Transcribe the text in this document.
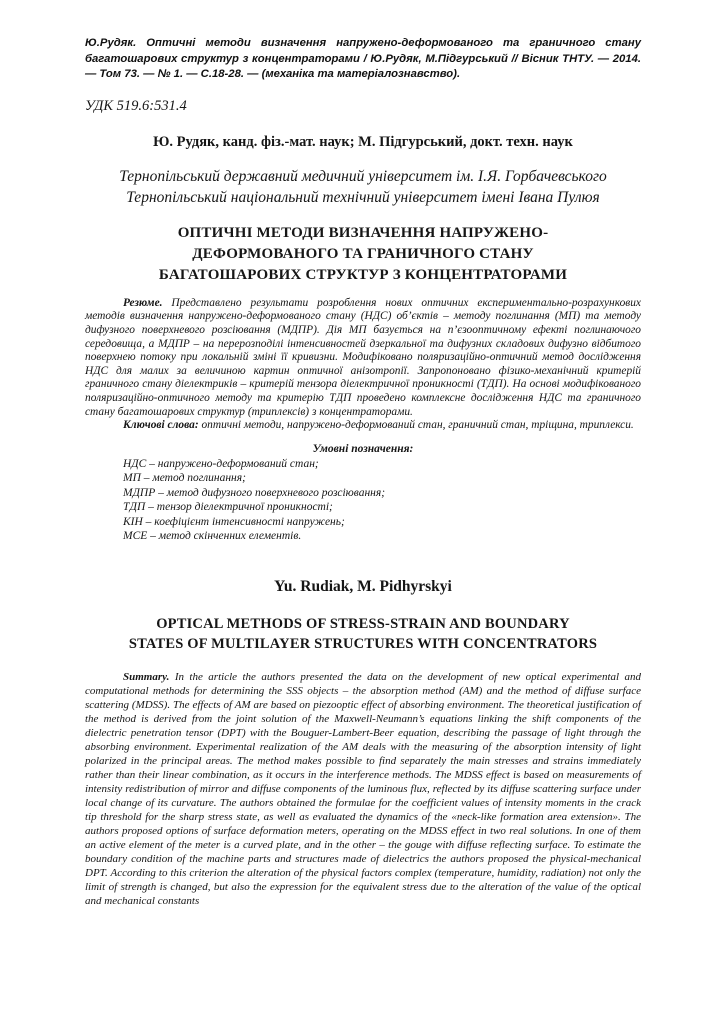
Ю.Рудяк. Оптичні методи визначення напружено-деформованого та граничного стану багатошарових структур з концентраторами / Ю.Рудяк, М.Підгурський // Вісник ТНТУ. — 2014. — Том 73. — № 1. — С.18-28. — (механіка та матеріалознавство).

УДК 519.6:531.4

Ю. Рудяк, канд. фіз.-мат. наук; М. Підгурський, докт. техн. наук

Тернопільський державний медичний університет ім. І.Я. Горбачевського
Тернопільський національний технічний університет імені Івана Пулюя
ОПТИЧНІ МЕТОДИ ВИЗНАЧЕННЯ НАПРУЖЕНО-
ДЕФОРМОВАНОГО ТА ГРАНИЧНОГО СТАНУ
БАГАТОШАРОВИХ СТРУКТУР З КОНЦЕНТРАТОРАМИ

Резюме. Представлено результати розроблення нових оптичних експериментально-розрахункових методів визначення напружено-деформованого стану (НДС) об’єктів – методу поглинання (МП) та методу дифузного поверхневого розсіювання (МДПР). Дія МП базується на п’єзооптичному ефекті поглинаючого середовища, а МДПР – на перерозподілі інтенсивностей дзеркальної та дифузних складових дифузно відбитого поверхнею потоку при локальній зміні її кривизни. Модифіковано поляризаційно-оптичний метод дослідження НДС для малих за величиною картин оптичної анізотропії. Запропоновано фізико-механічний критерій граничного стану діелектриків – критерій тензора діелектричної проникності (ТДП). На основі модифікованого поляризаційно-оптичного методу та критерію ТДП проведено комплексне дослідження НДС та граничного стану багатошарових структур (триплексів) з концентраторами.

Ключові слова: оптичні методи, напружено-деформований стан, граничний стан, тріщина, триплекси.

Умовні позначення:

НДС – напружено-деформований стан;
МП – метод поглинання;
МДПР – метод дифузного поверхневого розсіювання;
ТДП – тензор діелектричної проникності;
КІН – коефіцієнт інтенсивності напружень;
МСЕ – метод скінченних елементів.

Yu. Rudiak, M. Pidhyrskyi

OPTICAL METHODS OF STRESS-STRAIN AND BOUNDARY
STATES OF MULTILAYER STRUCTURES WITH CONCENTRATORS

Summary. In the article the authors presented the data on the development of new optical experimental and computational methods for determining the SSS objects – the absorption method (AM) and the method of diffuse surface scattering (MDSS). The effects of AM are based on piezooptic effect of absorbing environment. The theoretical justification of the method is derived from the joint solution of the Maxwell-Neumann’s equations linking the shift components of the dielectric penetration tensor (DPT) with the Bouguer-Lambert-Beer equation, describing the passage of light through the absorbing environment. Experimental realization of the AM deals with the measuring of the absorption intensity of light polarized in the principal areas. The method makes possible to find separately the main stresses and strains immediately rather than their linear combination, as it occurs in the interference methods. The MDSS effect is based on measurements of intensity redistribution of mirror and diffuse components of the luminous flux, reflected by its diffuse scattering surface under local change of its curvature. The authors obtained the formulae for the coefficient values of intensity moments in the crack tip threshold for the sharp stress state, as well as evaluated the dynamics of the «neck-like formation area extension». The authors proposed options of surface deformation meters, operating on the MDSS effect in two real solutions. In one of them an active element of the meter is a curved plate, and in the other – the gouge with diffuse reflecting surface. To estimate the boundary condition of the machine parts and structures made of dielectrics the authors proposed the physical-mechanical DPT. According to this criterion the alteration of the physical factors complex (temperature, humidity, radiation) not only the limit of strength is changed, but also the expression for the equivalent stress due to the alteration of the value of the optical and mechanical constants
